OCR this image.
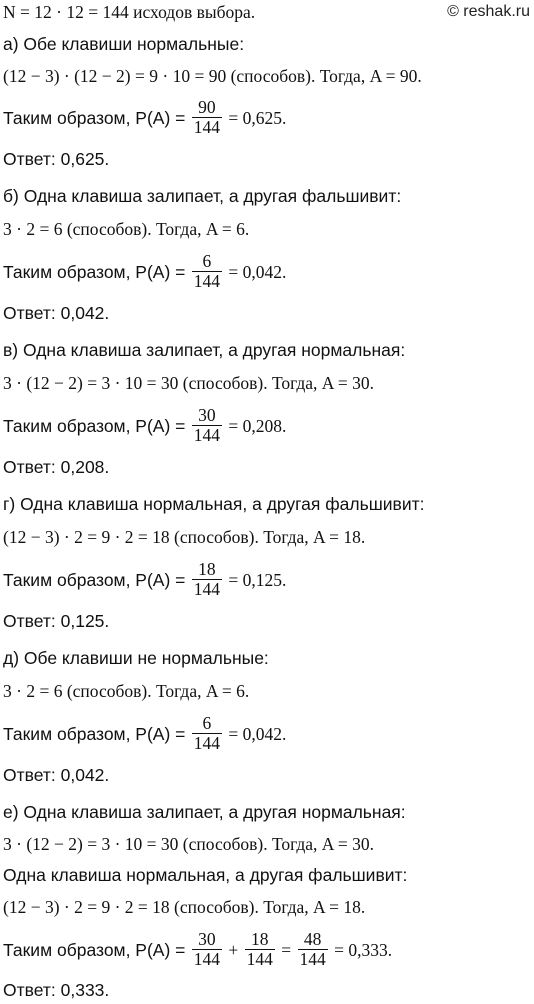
N = 12 · 12 = 144 исходов выбора.	© reshak.ru
а) Обе клавиши нормальные:
(12 − 3) · (12 − 2) = 9 · 10 = 90 (способов). Тогда, A = 90.
Таким образом, $P(A) = \frac{90}{144} = 0,625$.
Ответ: 0,625.
б) Одна клавиша залипает, а другая фальшивит:
3 · 2 = 6 (способов). Тогда, A = 6.
Таким образом, $P(A) = \frac{6}{144} = 0,042$.
Ответ: 0,042.
в) Одна клавиша залипает, а другая нормальная:
3 · (12 − 2) = 3 · 10 = 30 (способов). Тогда, A = 30.
Таким образом, $P(A) = \frac{30}{144} = 0,208$.
Ответ: 0,208.
г) Одна клавиша нормальная, а другая фальшивит:
(12 − 3) · 2 = 9 · 2 = 18 (способов). Тогда, A = 18.
Таким образом, $P(A) = \frac{18}{144} = 0,125$.
Ответ: 0,125.
д) Обе клавиши не нормальные:
3 · 2 = 6 (способов). Тогда, A = 6.
Таким образом, $P(A) = \frac{6}{144} = 0,042$.
Ответ: 0,042.
е) Одна клавиша залипает, а другая нормальная:
3 · (12 − 2) = 3 · 10 = 30 (способов). Тогда, A = 30.
Одна клавиша нормальная, а другая фальшивит:
(12 − 3) · 2 = 9 · 2 = 18 (способов). Тогда, A = 18.
Таким образом, $P(A) = \frac{30}{144} + \frac{18}{144} = \frac{48}{144} = 0,333$.
Ответ: 0,333.
